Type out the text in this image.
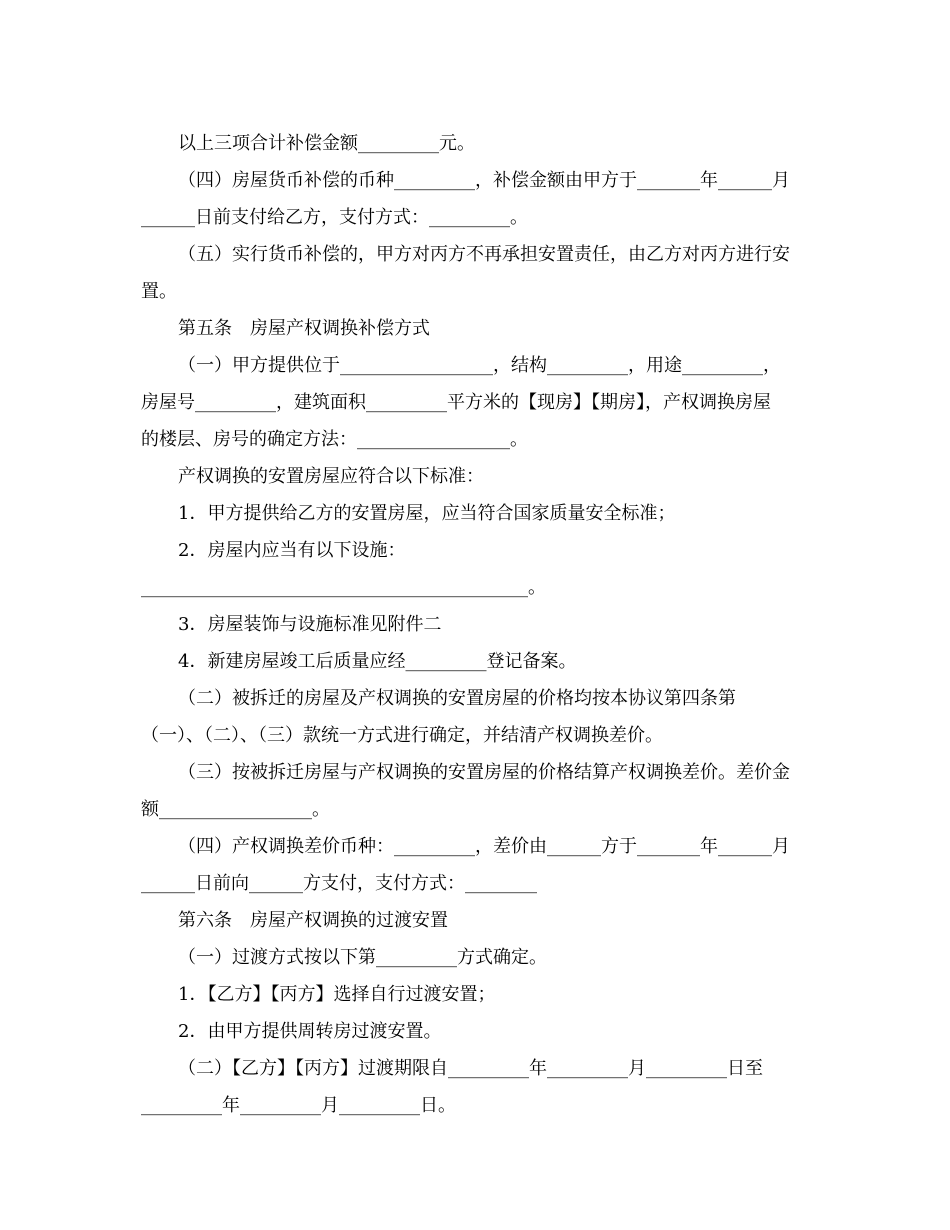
以上三项合计补偿金额_________元。
（四）房屋货币补偿的币种_________，补偿金额由甲方于_______年______月
______日前支付给乙方，支付方式：_________。
（五）实行货币补偿的，甲方对丙方不再承担安置责任，由乙方对丙方进行安
置。
第五条　房屋产权调换补偿方式
（一）甲方提供位于_________________，结构_________，用途_________，
房屋号_________，建筑面积_________平方米的【现房】【期房】，产权调换房屋
的楼层、房号的确定方法：_________________。
产权调换的安置房屋应符合以下标准：
1．甲方提供给乙方的安置房屋，应当符合国家质量安全标准；
2．房屋内应当有以下设施：
___________________________________________。
3．房屋装饰与设施标准见附件二
4．新建房屋竣工后质量应经_________登记备案。
（二）被拆迁的房屋及产权调换的安置房屋的价格均按本协议第四条第
（一）、（二）、（三）款统一方式进行确定，并结清产权调换差价。
（三）按被拆迁房屋与产权调换的安置房屋的价格结算产权调换差价。差价金
额_________________。
（四）产权调换差价币种：_________，差价由______方于_______年______月
______日前向______方支付，支付方式：________
第六条　房屋产权调换的过渡安置
（一）过渡方式按以下第_________方式确定。
1．【乙方】【丙方】选择自行过渡安置；
2．由甲方提供周转房过渡安置。
（二）【乙方】【丙方】过渡期限自_________年_________月_________日至
_________年_________月_________日。
